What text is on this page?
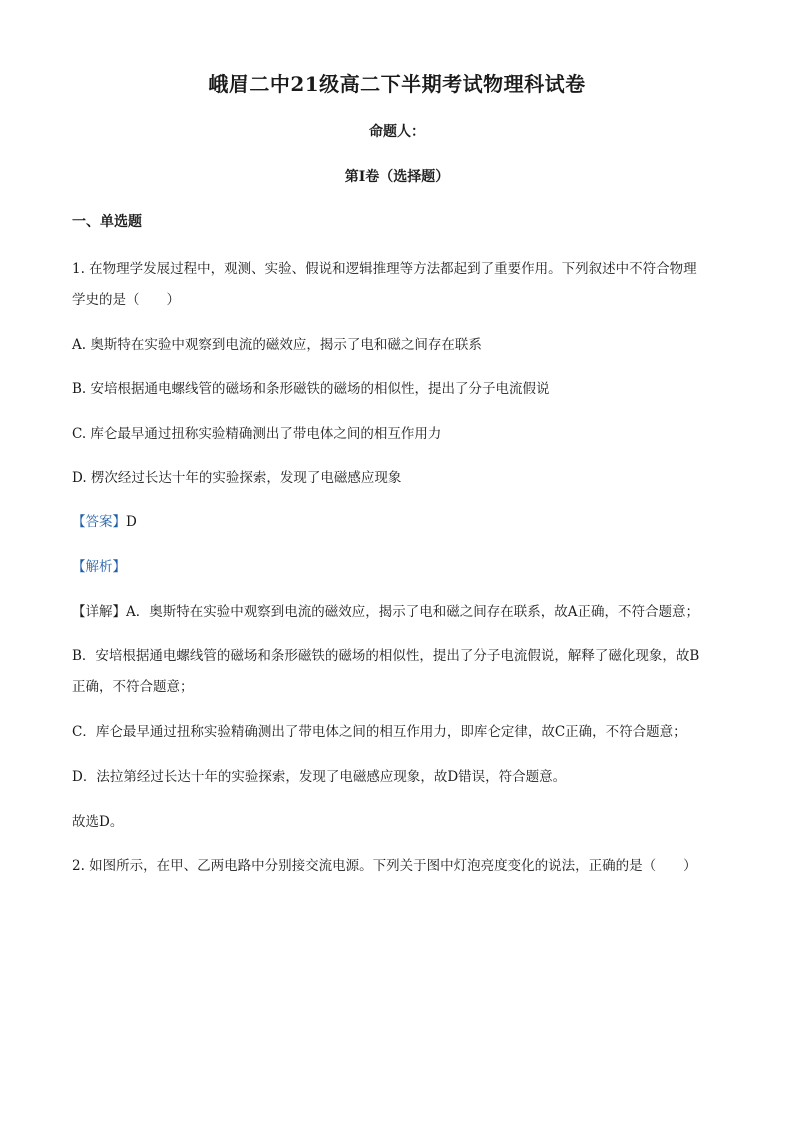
峨眉二中21级高二下半期考试物理科试卷
命题人：
第Ⅰ卷（选择题）
一、单选题
1. 在物理学发展过程中，观测、实验、假说和逻辑推理等方法都起到了重要作用。下列叙述中不符合物理
学史的是（　　）
A. 奥斯特在实验中观察到电流的磁效应，揭示了电和磁之间存在联系
B. 安培根据通电螺线管的磁场和条形磁铁的磁场的相似性，提出了分子电流假说
C. 库仑最早通过扭称实验精确测出了带电体之间的相互作用力
D. 楞次经过长达十年的实验探索，发现了电磁感应现象
【答案】D
【解析】
【详解】A．奥斯特在实验中观察到电流的磁效应，揭示了电和磁之间存在联系，故A正确，不符合题意；
B．安培根据通电螺线管的磁场和条形磁铁的磁场的相似性，提出了分子电流假说，解释了磁化现象，故B
正确，不符合题意；
C．库仑最早通过扭称实验精确测出了带电体之间的相互作用力，即库仑定律，故C正确，不符合题意；
D．法拉第经过长达十年的实验探索，发现了电磁感应现象，故D错误，符合题意。
故选D。
2. 如图所示，在甲、乙两电路中分别接交流电源。下列关于图中灯泡亮度变化的说法，正确的是（　　）
